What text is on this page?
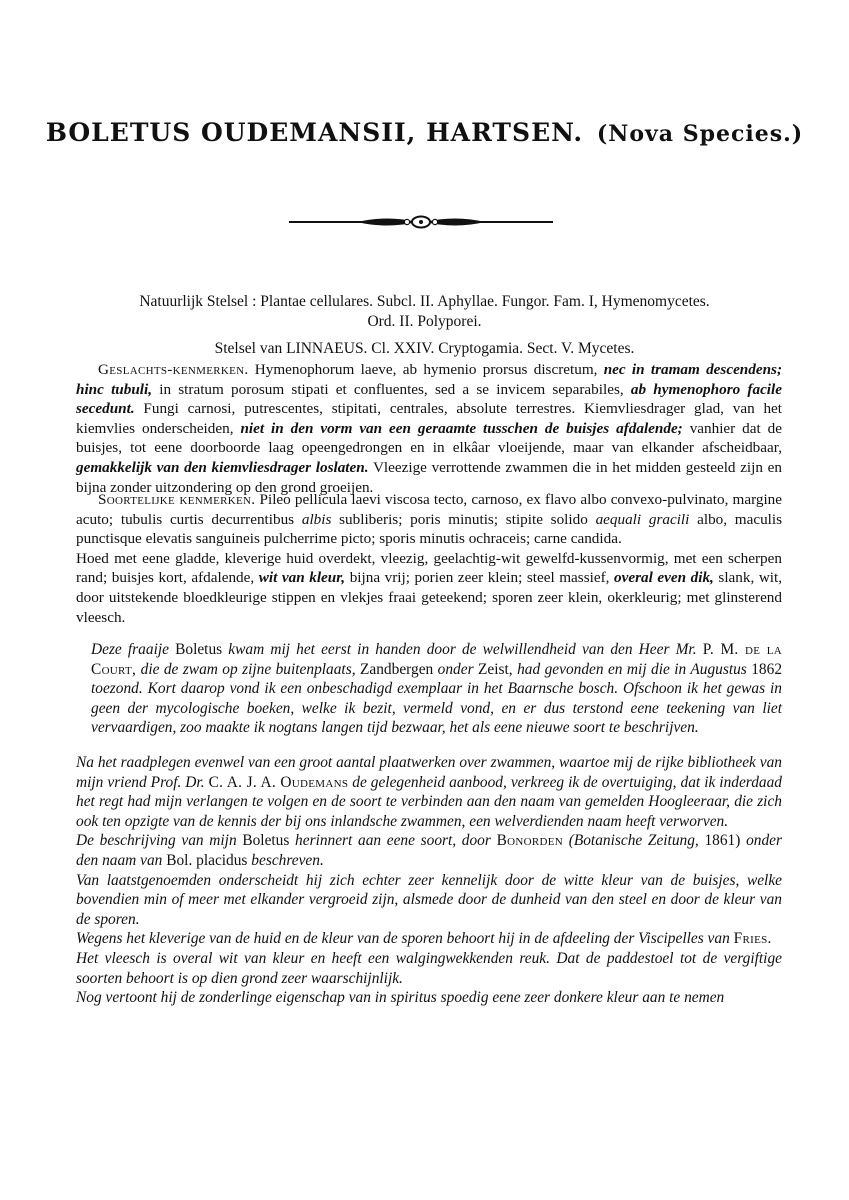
BOLETUS OUDEMANSII, HARTSEN. (Nova Species.)
Natuurlijk Stelsel : Plantae cellulares. Subcl. II. Aphyllae. Fungor. Fam. I, Hymenomycetes.
Ord. II. Polyporei.
Stelsel van LINNAEUS. Cl. XXIV. Cryptogamia. Sect. V. Mycetes.

Geslachts-kenmerken. Hymenophorum laeve, ab hymenio prorsus discretum, nec in tramam descendens; hinc tubuli, in stratum porosum stipati et confluentes, sed a se invicem separabiles, ab hymenophoro facile secedunt. Fungi carnosi, putrescentes, stipitati, centrales, absolute terrestres. Kiemvliesdrager glad, van het kiemvlies onderscheiden, niet in den vorm van een geraamte tusschen de buisjes afdalende; vanhier dat de buisjes, tot eene doorboorde laag opeengedrongen en in elkâar vloeijende, maar van elkander afscheidbaar, gemakkelijk van den kiemvliesdrager loslaten. Vleezige verrottende zwammen die in het midden gesteeld zijn en bijna zonder uitzondering op den grond groeijen.

Soortelijke kenmerken. Pileo pellicula laevi viscosa tecto, carnoso, ex flavo albo convexo-pulvinato, margine acuto; tubulis curtis decurrentibus albis subliberis; poris minutis; stipite solido aequali gracili albo, maculis punctisque elevatis sanguineis pulcherrime picto; sporis minutis ochraceis; carne candida.

Hoed met eene gladde, kleverige huid overdekt, vleezig, geelachtig-wit gewelfd-kussenvormig, met een scherpen rand; buisjes kort, afdalende, wit van kleur, bijna vrij; porien zeer klein; steel massief, overal even dik, slank, wit, door uitstekende bloedkleurige stippen en vlekjes fraai geteekend; sporen zeer klein, okerkleurig; met glinsterend vleesch.

Deze fraaije Boletus kwam mij het eerst in handen door de welwillendheid van den Heer Mr. P. M. de la Court, die de zwam op zijne buitenplaats, Zandbergen onder Zeist, had gevonden en mij die in Augustus 1862 toezond. Kort daarop vond ik een onbeschadigd exemplaar in het Baarnsche bosch. Ofschoon ik het gewas in geen der mycologische boeken, welke ik bezit, vermeld vond, en er dus terstond eene teekening van liet vervaardigen, zoo maakte ik nogtans langen tijd bezwaar, het als eene nieuwe soort te beschrijven.

Na het raadplegen evenwel van een groot aantal plaatwerken over zwammen, waartoe mij de rijke bibliotheek van mijn vriend Prof. Dr. C. A. J. A. Oudemans de gelegenheid aanbood, verkreeg ik de overtuiging, dat ik inderdaad het regt had mijn verlangen te volgen en de soort te verbinden aan den naam van gemelden Hoogleeraar, die zich ook ten opzigte van de kennis der bij ons inlandsche zwammen, een welverdienden naam heeft verworven.

De beschrijving van mijn Boletus herinnert aan eene soort, door Bonorden (Botanische Zeitung, 1861) onder den naam van Bol. placidus beschreven.

Van laatstgenoemden onderscheidt hij zich echter zeer kennelijk door de witte kleur van de buisjes, welke bovendien min of meer met elkander vergroeid zijn, alsmede door de dunheid van den steel en door de kleur van de sporen.

Wegens het kleverige van de huid en de kleur van de sporen behoort hij in de afdeeling der Viscipelles van Fries.

Het vleesch is overal wit van kleur en heeft een walgingwekkenden reuk. Dat de paddestoel tot de vergiftige soorten behoort is op dien grond zeer waarschijnlijk.

Nog vertoont hij de zonderlinge eigenschap van in spiritus spoedig eene zeer donkere kleur aan te nemen
